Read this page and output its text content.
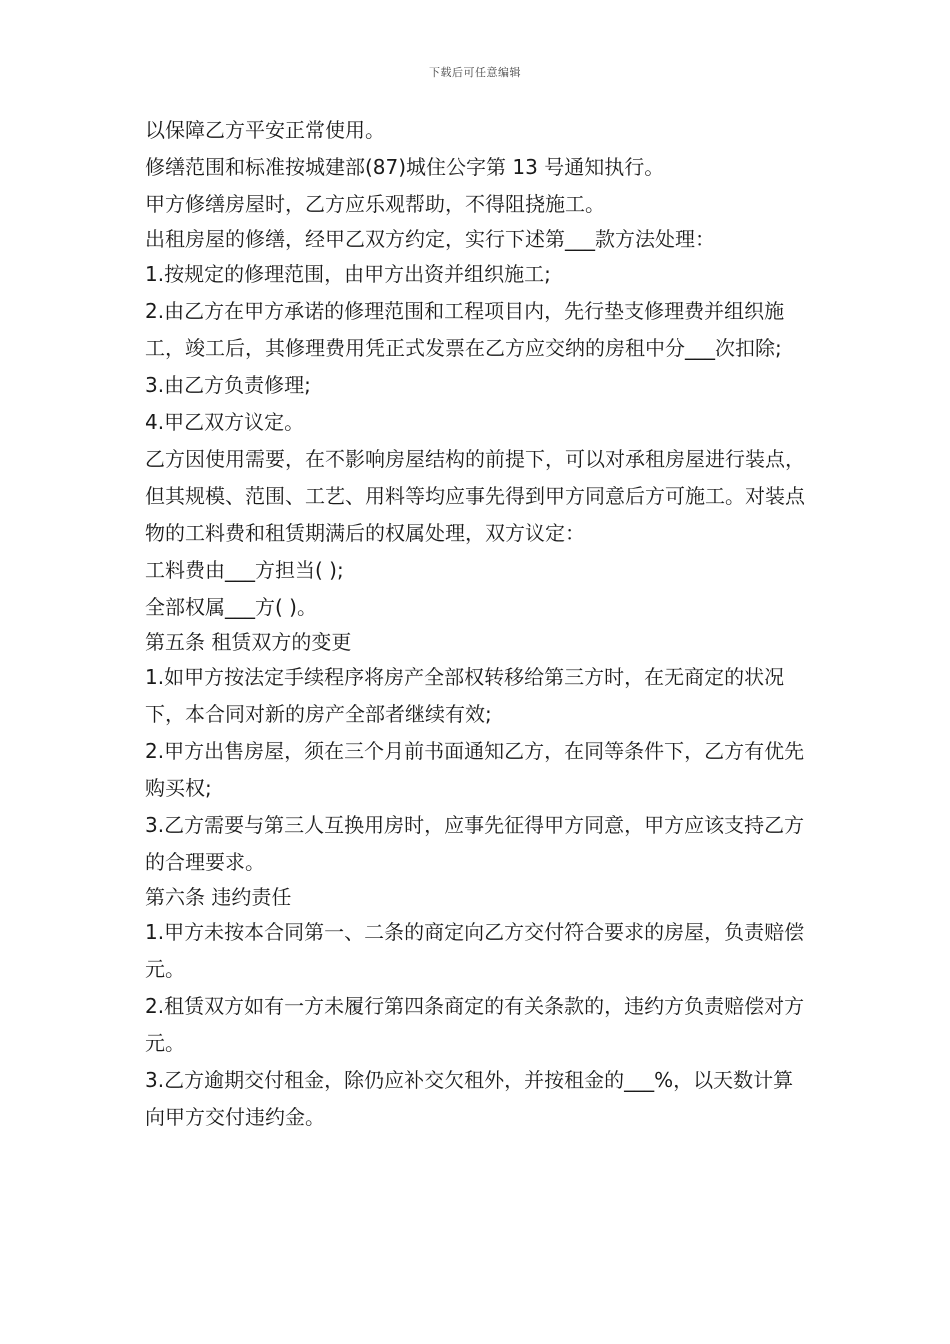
下载后可任意编辑

以保障乙方平安正常使用。

修缮范围和标准按城建部(87)城住公字第 13 号通知执行。

甲方修缮房屋时，乙方应乐观帮助，不得阻挠施工。

出租房屋的修缮，经甲乙双方约定，实行下述第___款方法处理：

1.按规定的修理范围，由甲方出资并组织施工;

2.由乙方在甲方承诺的修理范围和工程项目内，先行垫支修理费并组织施工，竣工后，其修理费用凭正式发票在乙方应交纳的房租中分___次扣除;

3.由乙方负责修理;

4.甲乙双方议定。

乙方因使用需要，在不影响房屋结构的前提下，可以对承租房屋进行装点，但其规模、范围、工艺、用料等均应事先得到甲方同意后方可施工。对装点物的工料费和租赁期满后的权属处理，双方议定：

工料费由___方担当( );

全部权属___方( )。

第五条 租赁双方的变更

1.如甲方按法定手续程序将房产全部权转移给第三方时，在无商定的状况下，本合同对新的房产全部者继续有效;

2.甲方出售房屋，须在三个月前书面通知乙方，在同等条件下，乙方有优先购买权;

3.乙方需要与第三人互换用房时，应事先征得甲方同意，甲方应该支持乙方的合理要求。

第六条 违约责任

1.甲方未按本合同第一、二条的商定向乙方交付符合要求的房屋，负责赔偿元。

2.租赁双方如有一方未履行第四条商定的有关条款的，违约方负责赔偿对方元。

3.乙方逾期交付租金，除仍应补交欠租外，并按租金的___%，以天数计算向甲方交付违约金。
